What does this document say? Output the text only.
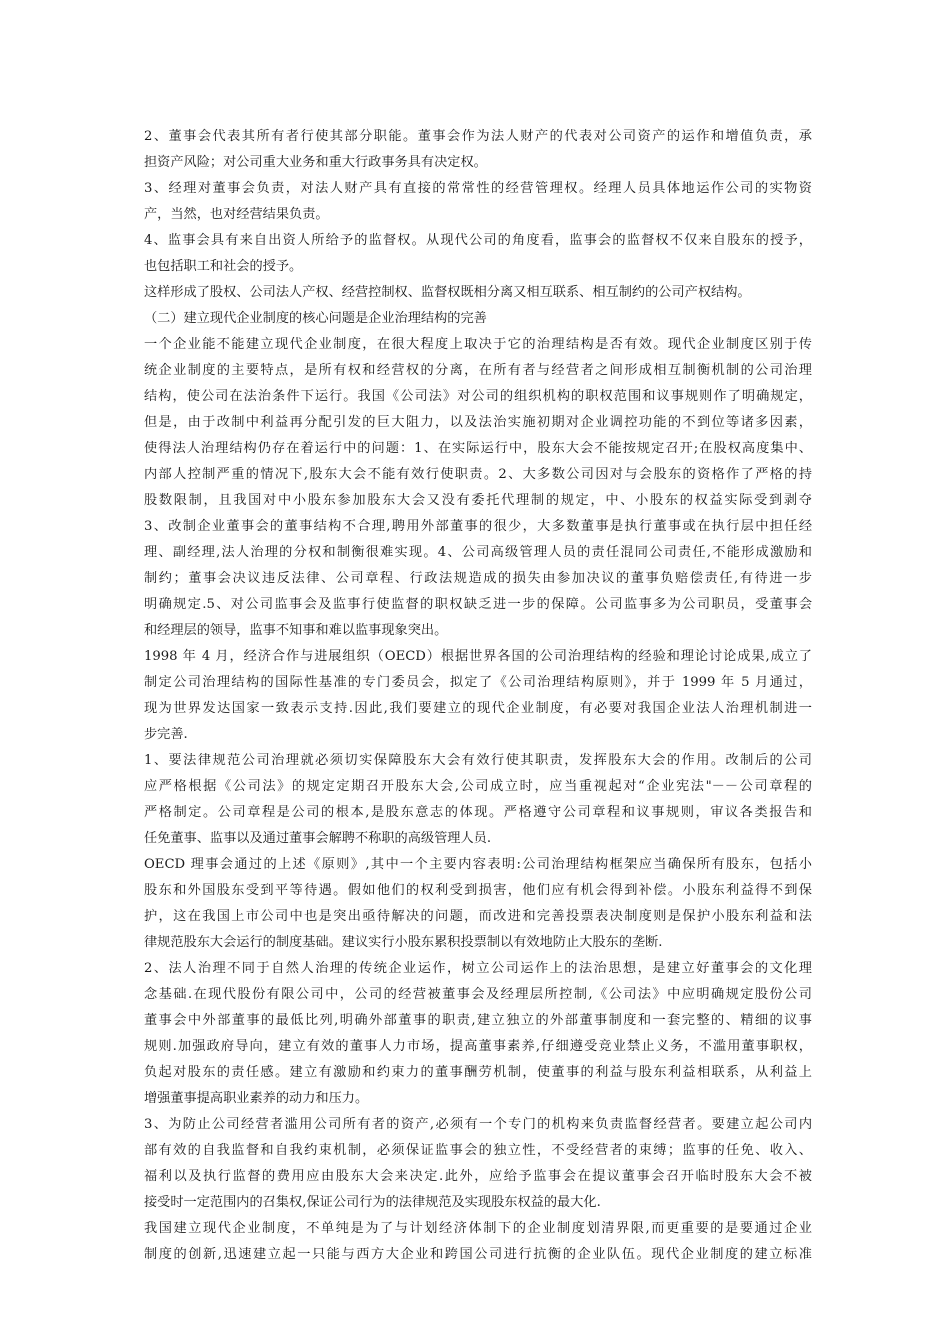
2、董事会代表其所有者行使其部分职能。董事会作为法人财产的代表对公司资产的运作和增值负责，承
担资产风险；对公司重大业务和重大行政事务具有决定权。

3、经理对董事会负责，对法人财产具有直接的常常性的经营管理权。经理人员具体地运作公司的实物资
产，当然，也对经营结果负责。

4、监事会具有来自出资人所给予的监督权。从现代公司的角度看，监事会的监督权不仅来自股东的授予，
也包括职工和社会的授予。

这样形成了股权、公司法人产权、经营控制权、监督权既相分离又相互联系、相互制约的公司产权结构。

（二）建立现代企业制度的核心问题是企业治理结构的完善

一个企业能不能建立现代企业制度，在很大程度上取决于它的治理结构是否有效。现代企业制度区别于传
统企业制度的主要特点，是所有权和经营权的分离，在所有者与经营者之间形成相互制衡机制的公司治理
结构，使公司在法治条件下运行。我国《公司法》对公司的组织机构的职权范围和议事规则作了明确规定，
但是，由于改制中利益再分配引发的巨大阻力，以及法治实施初期对企业调控功能的不到位等诸多因素，
使得法人治理结构仍存在着运行中的问题：1、在实际运行中，股东大会不能按规定召开;在股权高度集中、
内部人控制严重的情况下,股东大会不能有效行使职责。2、大多数公司因对与会股东的资格作了严格的持
股数限制，且我国对中小股东参加股东大会又没有委托代理制的规定，中、小股东的权益实际受到剥夺
3、改制企业董事会的董事结构不合理,聘用外部董事的很少，大多数董事是执行董事或在执行层中担任经
理、副经理,法人治理的分权和制衡很难实现。4、公司高级管理人员的责任混同公司责任,不能形成激励和
制约；董事会决议违反法律、公司章程、行政法规造成的损失由参加决议的董事负赔偿责任,有待进一步
明确规定.5、对公司监事会及监事行使监督的职权缺乏进一步的保障。公司监事多为公司职员，受董事会
和经理层的领导，监事不知事和难以监事现象突出。

1998 年 4 月，经济合作与进展组织（OECD）根据世界各国的公司治理结构的经验和理论讨论成果,成立了
制定公司治理结构的国际性基准的专门委员会，拟定了《公司治理结构原则》，并于 1999 年 5 月通过，
现为世界发达国家一致表示支持.因此,我们要建立的现代企业制度，有必要对我国企业法人治理机制进一
步完善.

1、要法律规范公司治理就必须切实保障股东大会有效行使其职责，发挥股东大会的作用。改制后的公司
应严格根据《公司法》的规定定期召开股东大会,公司成立时，应当重视起对“企业宪法"－－公司章程的
严格制定。公司章程是公司的根本,是股东意志的体现。严格遵守公司章程和议事规则，审议各类报告和
任免董事、监事以及通过董事会解聘不称职的高级管理人员.

OECD 理事会通过的上述《原则》,其中一个主要内容表明:公司治理结构框架应当确保所有股东，包括小
股东和外国股东受到平等待遇。假如他们的权利受到损害，他们应有机会得到补偿。小股东利益得不到保
护，这在我国上市公司中也是突出亟待解决的问题，而改进和完善投票表决制度则是保护小股东利益和法
律规范股东大会运行的制度基础。建议实行小股东累积投票制以有效地防止大股东的垄断.

2、法人治理不同于自然人治理的传统企业运作，树立公司运作上的法治思想，是建立好董事会的文化理
念基础.在现代股份有限公司中，公司的经营被董事会及经理层所控制,《公司法》中应明确规定股份公司
董事会中外部董事的最低比列,明确外部董事的职责,建立独立的外部董事制度和一套完整的、精细的议事
规则.加强政府导向，建立有效的董事人力市场，提高董事素养,仔细遵受竞业禁止义务，不滥用董事职权，
负起对股东的责任感。建立有激励和约束力的董事酬劳机制，使董事的利益与股东利益相联系，从利益上
增强董事提高职业素养的动力和压力。

3、为防止公司经营者滥用公司所有者的资产,必须有一个专门的机构来负责监督经营者。要建立起公司内
部有效的自我监督和自我约束机制，必须保证监事会的独立性，不受经营者的束缚；监事的任免、收入、
福利以及执行监督的费用应由股东大会来决定.此外，应给予监事会在提议董事会召开临时股东大会不被
接受时一定范围内的召集权,保证公司行为的法律规范及实现股东权益的最大化.

我国建立现代企业制度，不单纯是为了与计划经济体制下的企业制度划清界限,而更重要的是要通过企业
制度的创新,迅速建立起一只能与西方大企业和跨国公司进行抗衡的企业队伍。现代企业制度的建立标准
